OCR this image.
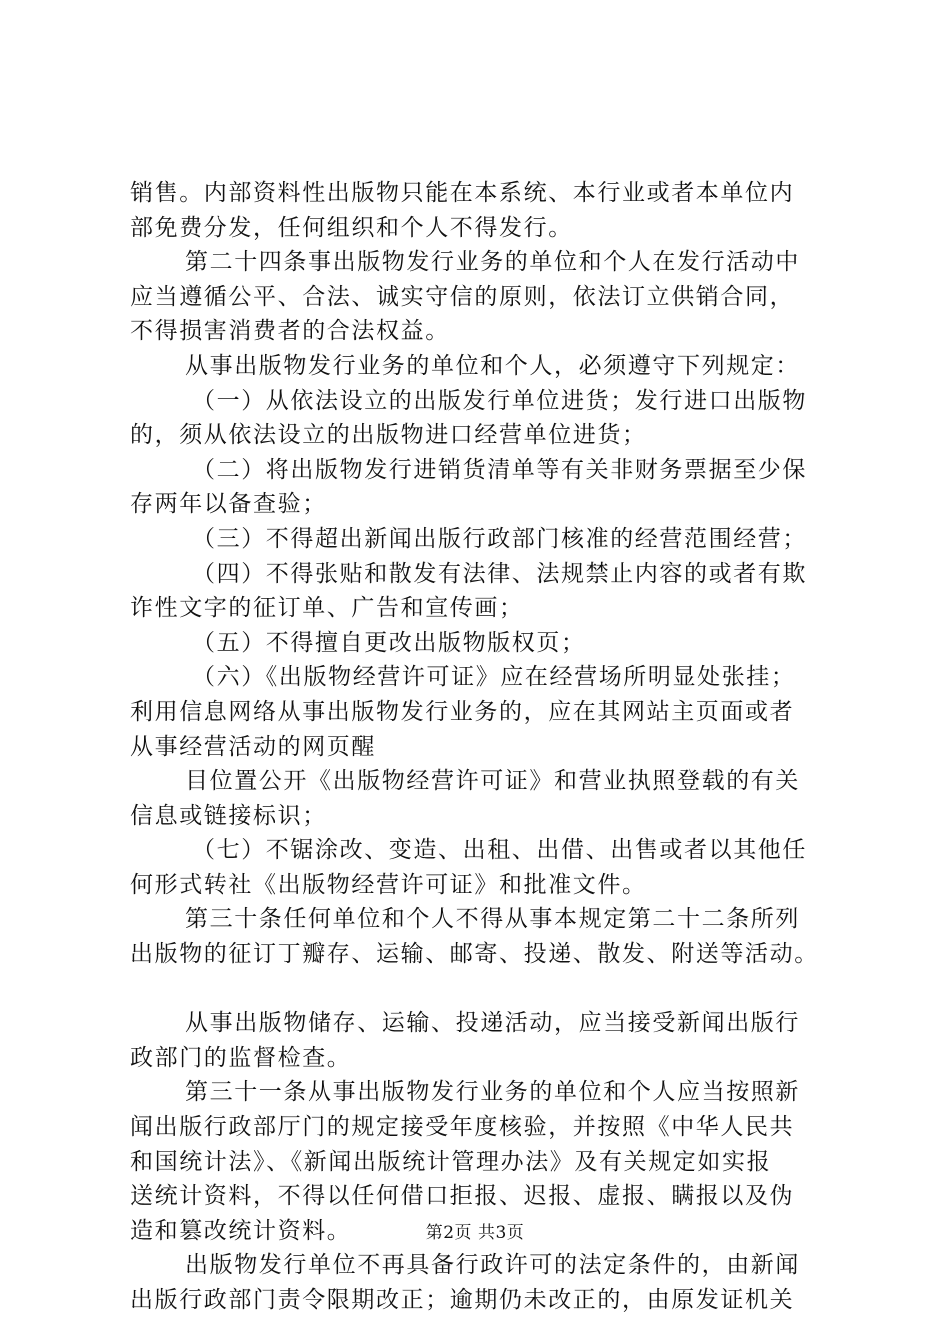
销售。内部资料性出版物只能在本系统、本行业或者本单位内
部免费分发，任何组织和个人不得发行。
第二十四条事出版物发行业务的单位和个人在发行活动中
应当遵循公平、合法、诚实守信的原则，依法订立供销合同，
不得损害消费者的合法权益。
从事出版物发行业务的单位和个人，必须遵守下列规定：
（一）从依法设立的出版发行单位进货；发行进口出版物
的，须从依法设立的出版物进口经营单位进货；
（二）将出版物发行进销货清单等有关非财务票据至少保
存两年以备查验；
（三）不得超出新闻出版行政部门核准的经营范围经营；
（四）不得张贴和散发有法律、法规禁止内容的或者有欺
诈性文字的征订单、广告和宣传画；
（五）不得擅自更改出版物版权页；
（六）《出版物经营许可证》应在经营场所明显处张挂；
利用信息网络从事出版物发行业务的，应在其网站主页面或者
从事经营活动的网页醒
目位置公开《出版物经营许可证》和营业执照登载的有关
信息或链接标识；
（七）不锯涂改、变造、出租、出借、出售或者以其他任
何形式转社《出版物经营许可证》和批准文件。
第三十条任何单位和个人不得从事本规定第二十二条所列
出版物的征订丁瓣存、运输、邮寄、投递、散发、附送等活动。
从事出版物储存、运输、投递活动，应当接受新闻出版行
政部门的监督检查。
第三十一条从事出版物发行业务的单位和个人应当按照新
闻出版行政部厅门的规定接受年度核验，并按照《中华人民共
和国统计法》、《新闻出版统计管理办法》及有关规定如实报
送统计资料，不得以任何借口拒报、迟报、虚报、瞒报以及伪
造和篡改统计资料。
出版物发行单位不再具备行政许可的法定条件的，由新闻
出版行政部门责令限期改正；逾期仍未改正的，由原发证机关
第2页 共3页
